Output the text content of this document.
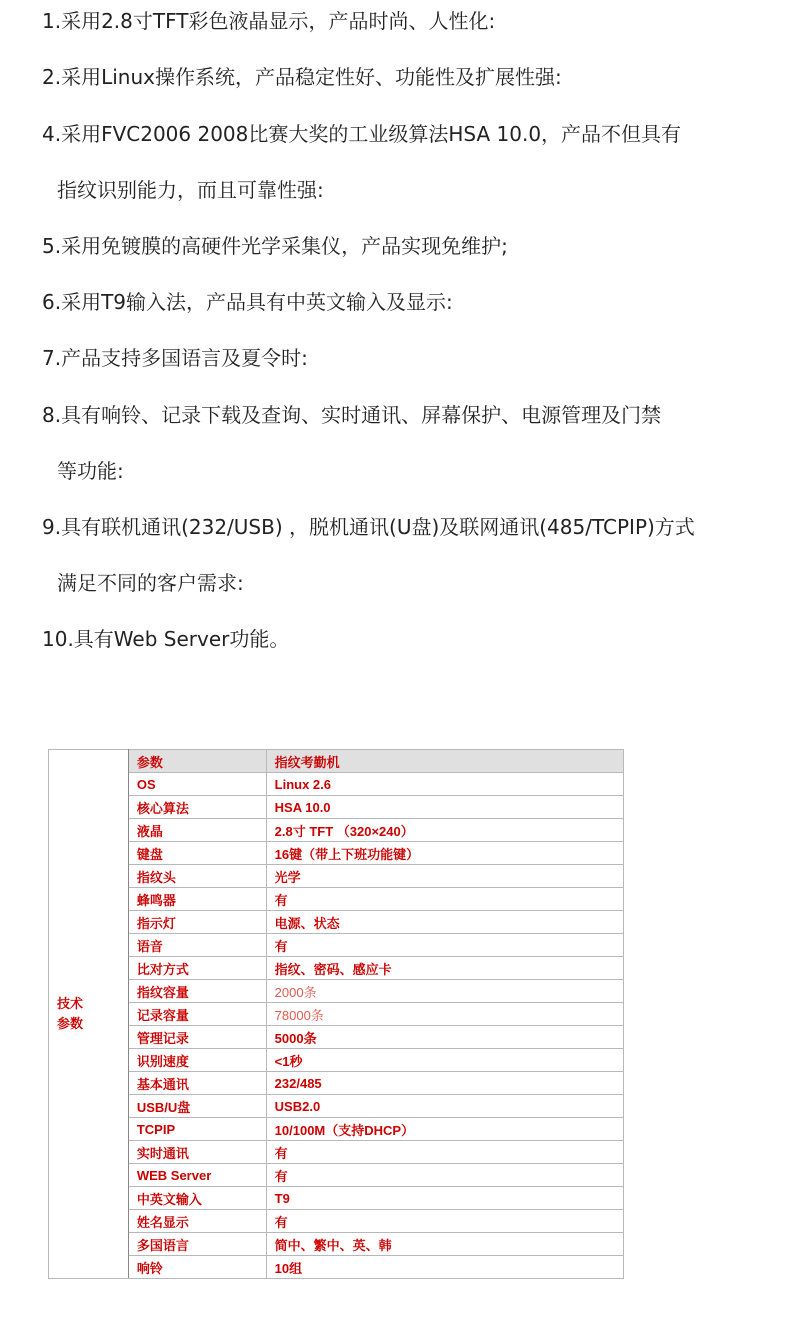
1.采用2.8寸TFT彩色液晶显示，产品时尚、人性化:

2.采用Linux操作系统，产品稳定性好、功能性及扩展性强:

4.采用FVC2006 2008比赛大奖的工业级算法HSA 10.0，产品不但具有

指纹识别能力，而且可靠性强:

5.采用免镀膜的高硬件光学采集仪，产品实现免维护;

6.采用T9输入法，产品具有中英文输入及显示:

7.产品支持多国语言及夏令时:

8.具有响铃、记录下载及查询、实时通讯、屏幕保护、电源管理及门禁

等功能:

9.具有联机通讯(232/USB) ，脱机通讯(U盘)及联网通讯(485/TCPIP)方式

满足不同的客户需求:

10.具有Web Server功能。

技术
参数	参数	指纹考勤机
	OS	Linux 2.6
	核心算法	HSA 10.0
	液晶	2.8寸 TFT （320×240）
	键盘	16键（带上下班功能键）
	指纹头	光学
	蜂鸣器	有
	指示灯	电源、状态
	语音	有
	比对方式	指纹、密码、感应卡
	指纹容量	2000条
	记录容量	78000条
	管理记录	5000条
	识别速度	<1秒
	基本通讯	232/485
	USB/U盘	USB2.0
	TCPIP	10/100M（支持DHCP）
	实时通讯	有
	WEB Server	有
	中英文输入	T9
	姓名显示	有
	多国语言	简中、繁中、英、韩
	响铃	10组
